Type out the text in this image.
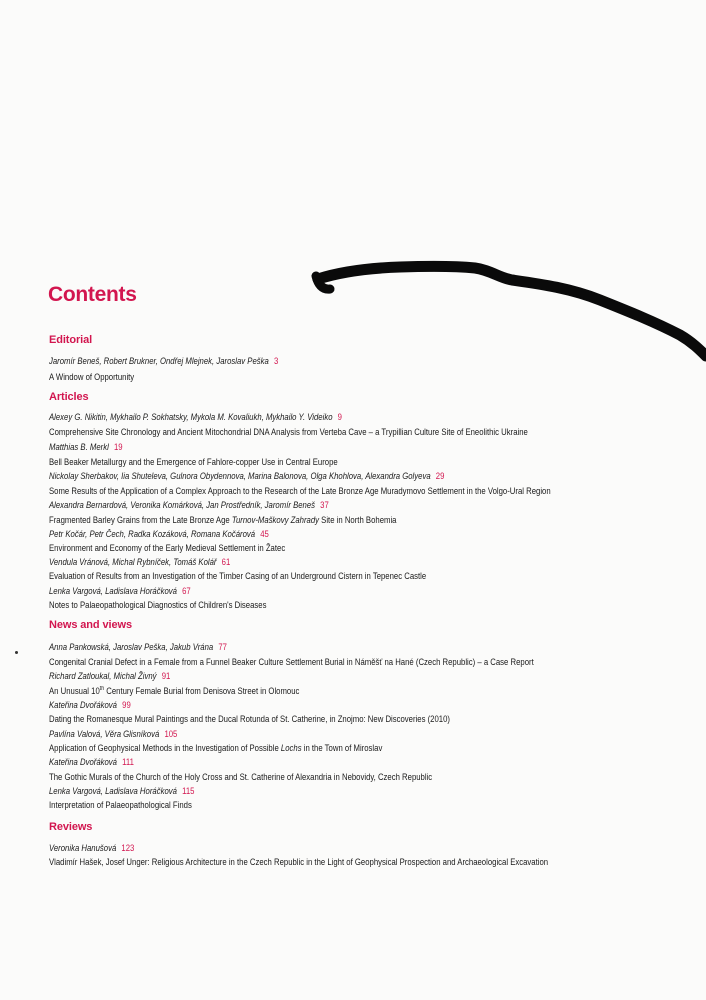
Contents
Editorial
Jaromír Beneš, Robert Brukner, Ondřej Mlejnek, Jaroslav Peška 3
A Window of Opportunity
Articles
Alexey G. Nikitin, Mykhailo P. Sokhatsky, Mykola M. Kovaliukh, Mykhailo Y. Videiko 9
Comprehensive Site Chronology and Ancient Mitochondrial DNA Analysis from Verteba Cave – a Trypillian Culture Site of Eneolithic Ukraine
Matthias B. Merkl 19
Bell Beaker Metallurgy and the Emergence of Fahlore-copper Use in Central Europe
Nickolay Sherbakov, Iia Shuteleva, Gulnora Obydennova, Marina Balonova, Olga Khohlova, Alexandra Golyeva 29
Some Results of the Application of a Complex Approach to the Research of the Late Bronze Age Muradymovo Settlement in the Volgo-Ural Region
Alexandra Bernardová, Veronika Komárková, Jan Prostředník, Jaromír Beneš 37
Fragmented Barley Grains from the Late Bronze Age Turnov-Maškovy Zahrady Site in North Bohemia
Petr Kočár, Petr Čech, Radka Kozáková, Romana Kočárová 45
Environment and Economy of the Early Medieval Settlement in Žatec
Vendula Vránová, Michal Rybníček, Tomáš Kolář 61
Evaluation of Results from an Investigation of the Timber Casing of an Underground Cistern in Tepenec Castle
Lenka Vargová, Ladislava Horáčková 67
Notes to Palaeopathological Diagnostics of Children's Diseases
News and views
Anna Pankowská, Jaroslav Peška, Jakub Vrána 77
Congenital Cranial Defect in a Female from a Funnel Beaker Culture Settlement Burial in Náměšť na Hané (Czech Republic) – a Case Report
Richard Zatloukal, Michal Živný 91
An Unusual 10th Century Female Burial from Denisova Street in Olomouc
Kateřina Dvořáková 99
Dating the Romanesque Mural Paintings and the Ducal Rotunda of St. Catherine, in Znojmo: New Discoveries (2010)
Pavlína Valová, Věra Glisníková 105
Application of Geophysical Methods in the Investigation of Possible Lochs in the Town of Miroslav
Kateřina Dvořáková 111
The Gothic Murals of the Church of the Holy Cross and St. Catherine of Alexandria in Nebovidy, Czech Republic
Lenka Vargová, Ladislava Horáčková 115
Interpretation of Palaeopathological Finds
Reviews
Veronika Hanušová 123
Vladimír Hašek, Josef Unger: Religious Architecture in the Czech Republic in the Light of Geophysical Prospection and Archaeological Excavation
